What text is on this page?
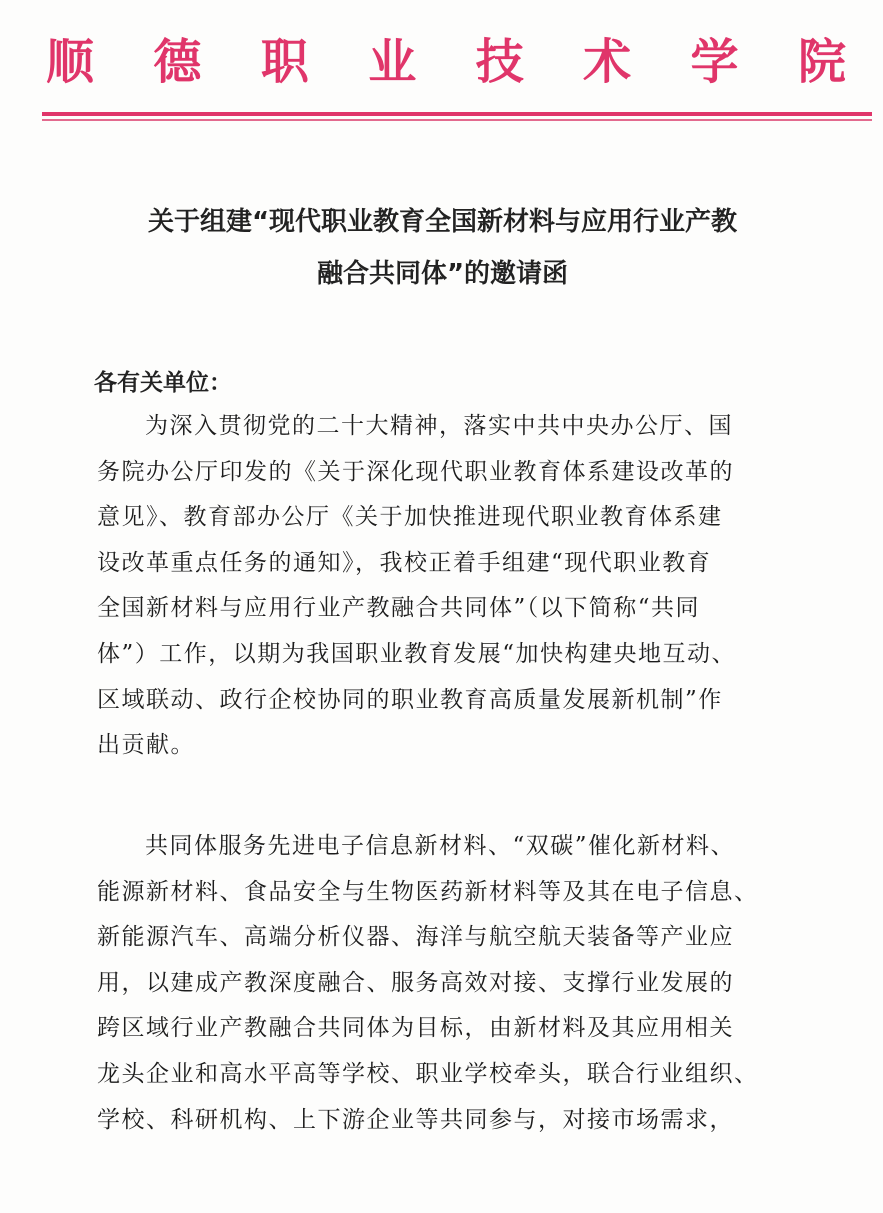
顺 德 职 业 技 术 学 院
关于组建“现代职业教育全国新材料与应用行业产教
融合共同体”的邀请函
各有关单位：
为深入贯彻党的二十大精神，落实中共中央办公厅、国
务院办公厅印发的《关于深化现代职业教育体系建设改革的
意见》、教育部办公厅《关于加快推进现代职业教育体系建
设改革重点任务的通知》，我校正着手组建“现代职业教育
全国新材料与应用行业产教融合共同体”（以下简称“共同
体”）工作，以期为我国职业教育发展“加快构建央地互动、
区域联动、政行企校协同的职业教育高质量发展新机制”作
出贡献。
共同体服务先进电子信息新材料、“双碳”催化新材料、
能源新材料、食品安全与生物医药新材料等及其在电子信息、
新能源汽车、高端分析仪器、海洋与航空航天装备等产业应
用，以建成产教深度融合、服务高效对接、支撑行业发展的
跨区域行业产教融合共同体为目标，由新材料及其应用相关
龙头企业和高水平高等学校、职业学校牵头，联合行业组织、
学校、科研机构、上下游企业等共同参与，对接市场需求，
